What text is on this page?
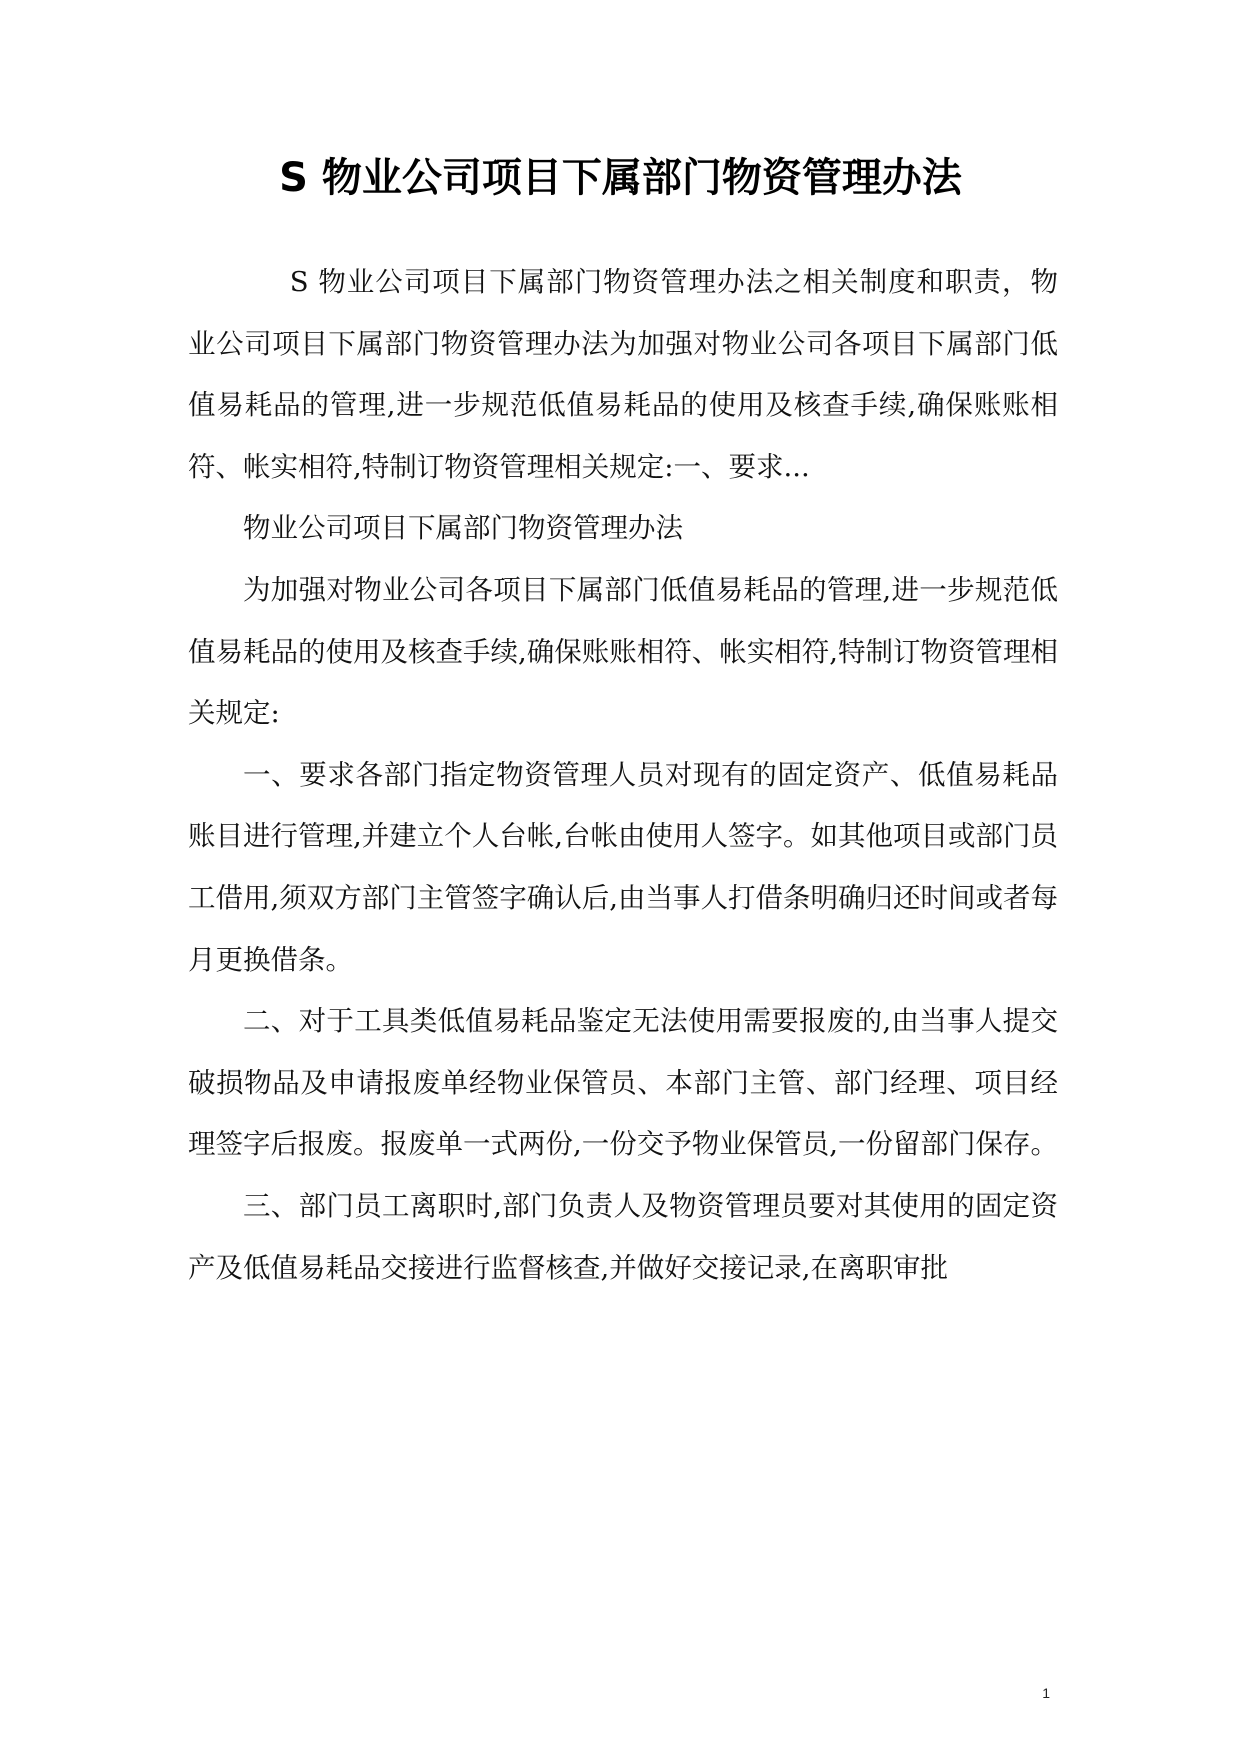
S 物业公司项目下属部门物资管理办法

S 物业公司项目下属部门物资管理办法之相关制度和职责，物业公司项目下属部门物资管理办法为加强对物业公司各项目下属部门低值易耗品的管理,进一步规范低值易耗品的使用及核查手续,确保账账相符、帐实相符,特制订物资管理相关规定:一、要求...

物业公司项目下属部门物资管理办法

为加强对物业公司各项目下属部门低值易耗品的管理,进一步规范低值易耗品的使用及核查手续,确保账账相符、帐实相符,特制订物资管理相关规定:

一、要求各部门指定物资管理人员对现有的固定资产、低值易耗品账目进行管理,并建立个人台帐,台帐由使用人签字。如其他项目或部门员工借用,须双方部门主管签字确认后,由当事人打借条明确归还时间或者每月更换借条。

二、对于工具类低值易耗品鉴定无法使用需要报废的,由当事人提交破损物品及申请报废单经物业保管员、本部门主管、部门经理、项目经理签字后报废。报废单一式两份,一份交予物业保管员,一份留部门保存。

三、部门员工离职时,部门负责人及物资管理员要对其使用的固定资产及低值易耗品交接进行监督核查,并做好交接记录,在离职审批

1
